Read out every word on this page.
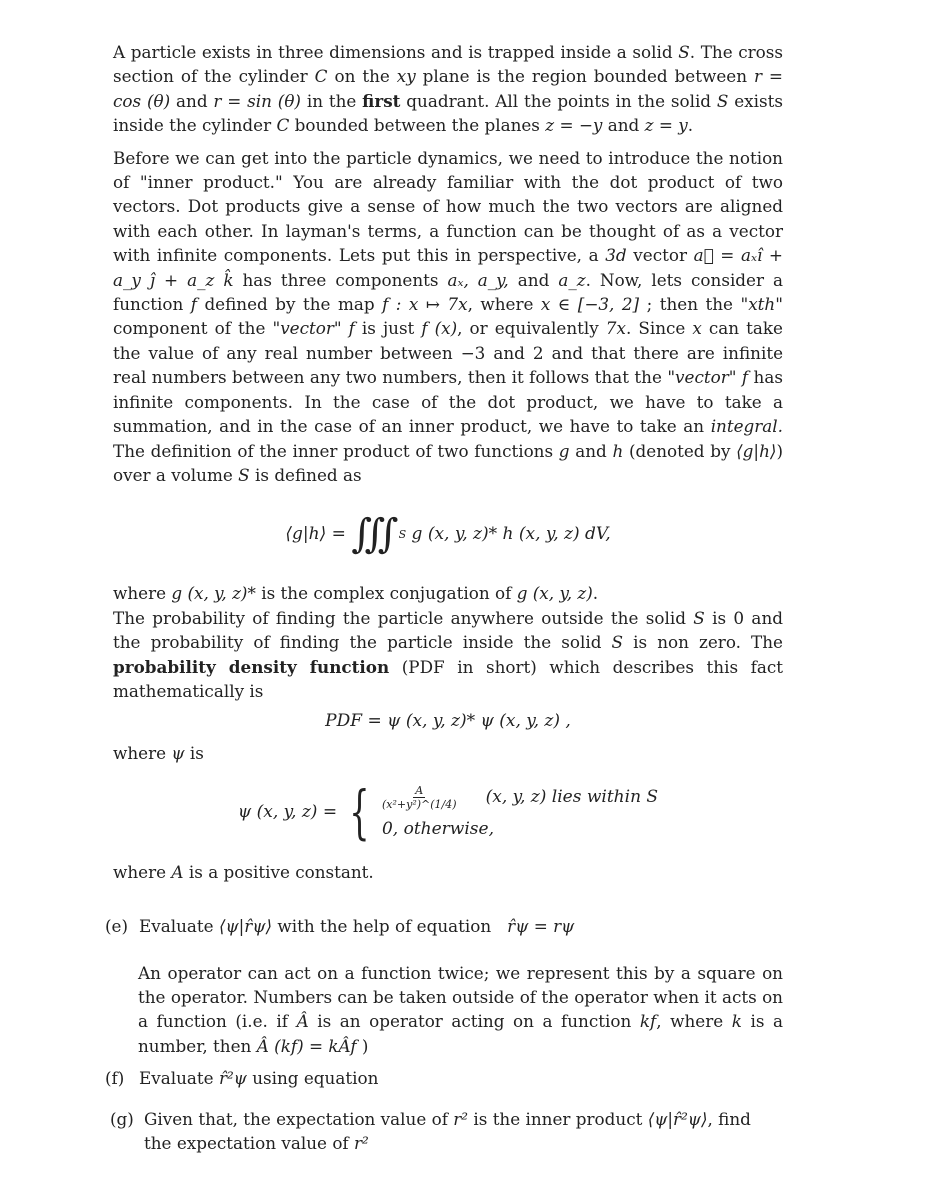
A particle exists in three dimensions and is trapped inside a solid S. The cross section of the cylinder C on the xy plane is the region bounded between r = cos (θ) and r = sin (θ) in the first quadrant. All the points in the solid S exists inside the cylinder C bounded between the planes z = −y and z = y.

Before we can get into the particle dynamics, we need to introduce the notion of "inner product." You are already familiar with the dot product of two vectors. Dot products give a sense of how much the two vectors are aligned with each other. In layman's terms, a function can be thought of as a vector with infinite components. Lets put this in perspective, a 3d vector a⃗ = aₓî + a_y ĵ + a_z k̂ has three components aₓ, a_y, and a_z. Now, lets consider a function f defined by the map f : x ↦ 7x, where x ∈ [−3, 2] ; then the "xth" component of the "vector" f is just f (x), or equivalently 7x. Since x can take the value of any real number between −3 and 2 and that there are infinite real numbers between any two numbers, then it follows that the "vector" f has infinite components. In the case of the dot product, we have to take a summation, and in the case of an inner product, we have to take an integral. The definition of the inner product of two functions g and h (denoted by ⟨g|h⟩) over a volume S is defined as

⟨g|h⟩ =
∭ S
g (x, y, z)* h (x, y, z) dV,

where g (x, y, z)* is the complex conjugation of g (x, y, z).
The probability of finding the particle anywhere outside the solid S is 0 and the probability of finding the particle inside the solid S is non zero. The probability density function (PDF in short) which describes this fact mathematically is

PDF = ψ (x, y, z)* ψ (x, y, z) ,

where ψ is

ψ (x, y, z) = { $\frac{A}{\text{(x²+y²)\textasciicircum{}(1/4)}} (x$, y, z) lies within S
0, otherwise,

where A is a positive constant.

(e) Evaluate ⟨ψ|r̂ψ⟩ with the help of equation r̂ψ = rψ

An operator can act on a function twice; we represent this by a square on the operator. Numbers can be taken outside of the operator when it acts on a function (i.e. if Â is an operator acting on a function kf, where k is a number, then Â (kf) = kÂf )

(f) Evaluate r̂²ψ using equation
(g) Given that, the expectation value of r² is the inner product ⟨ψ|r̂²ψ⟩, find the expectation value of r²
